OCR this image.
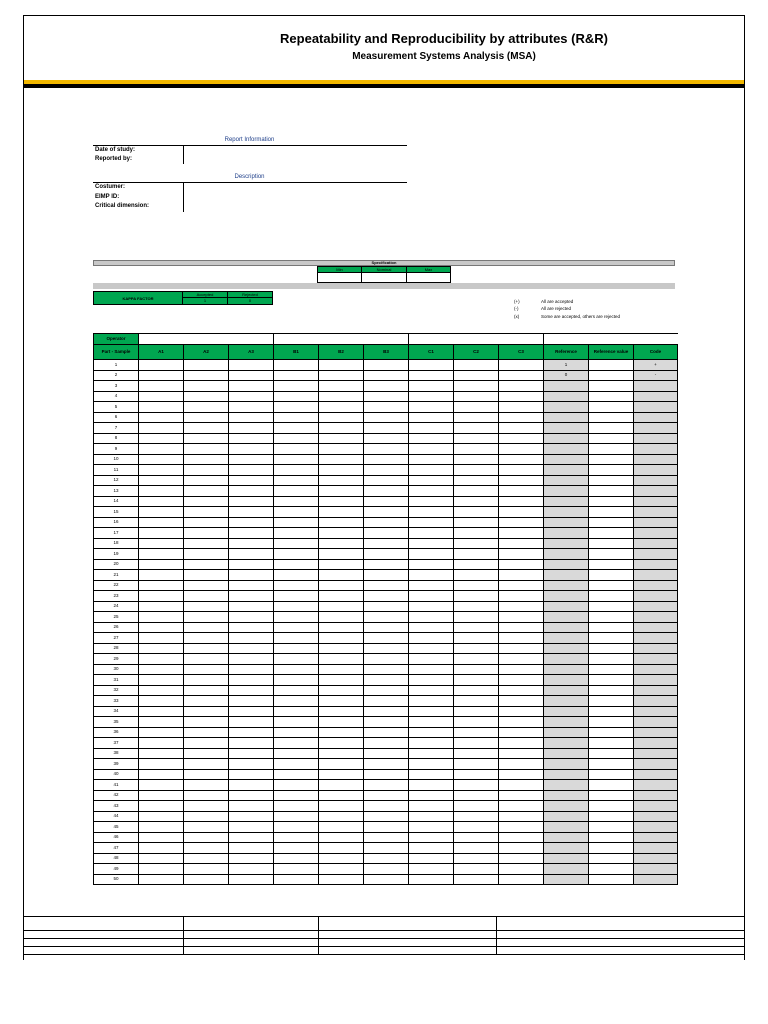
Repeatability and Reproducibility by attributes (R&R)
Measurement Systems Analysis (MSA)
Report Information
Date of study:
Reported by:
Description
Costumer:
EIMP ID:
Critical dimension:
Specification
Min	Nominal	Max
KAPPA FACTOR
Accepted	Rejected
1	0	(+)	All are accepted
(-)	All are rejected
(x)	Some are accepted, others are rejected
Operator												
Part - Sample	A1	A2	A3	B1	B2	B3	C1	C2	C3	Reference	Reference value	Code
1										1		+
2										0		-
3												
4												
5												
6												
7												
8												
9												
10												
11												
12												
13												
14												
15												
16												
17												
18												
19												
20												
21												
22												
23												
24												
25												
26												
27												
28												
29												
30												
31												
32												
33												
34												
35												
36												
37												
38												
39												
40												
41												
42												
43												
44												
45												
46												
47												
48												
49												
50												
